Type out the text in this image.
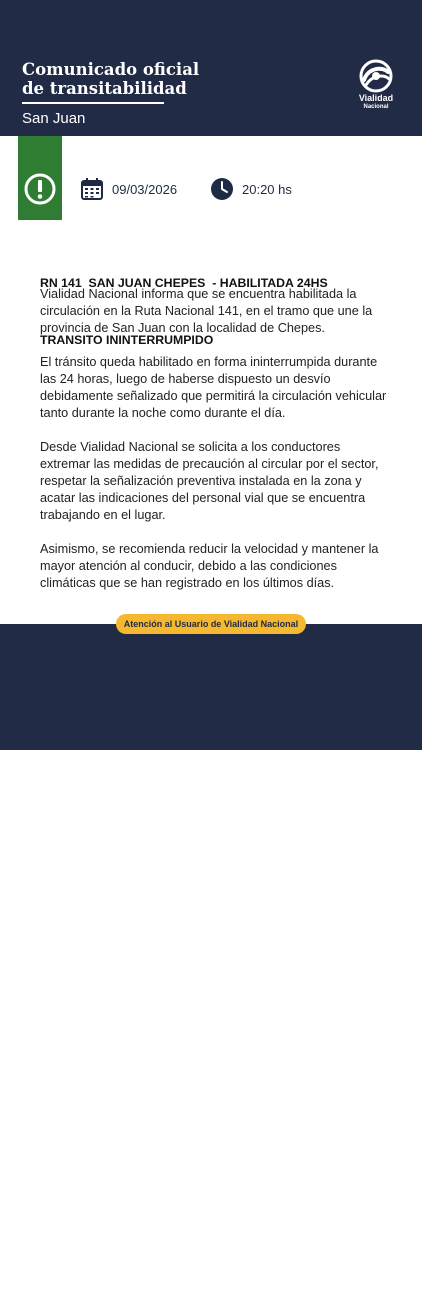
Comunicado oficial
de transitabilidad
San Juan
Vialidad
Nacional
09/03/2026	20:20 hs

RN 141  SAN JUAN CHEPES  - HABILITADA 24HS

TRANSITO ININTERRUMPIDO

Vialidad Nacional informa que se encuentra habilitada la circulación en la Ruta Nacional 141, en el tramo que une la provincia de San Juan con la localidad de Chepes.

El tránsito queda habilitado en forma ininterrumpida durante las 24 horas, luego de haberse dispuesto un desvío debidamente señalizado que permitirá la circulación vehicular tanto durante la noche como durante el día.

Desde Vialidad Nacional se solicita a los conductores extremar las medidas de precaución al circular por el sector, respetar la señalización preventiva instalada en la zona y acatar las indicaciones del personal vial que se encuentra trabajando en el lugar.

Asimismo, se recomienda reducir la velocidad y mantener la mayor atención al conducir, debido a las condiciones climáticas que se han registrado en los últimos días.

0800-222-6272
0800-333-0073
Lunes a viernes
de 09:00 a 17:00 hs.
atencionalusuario@vialidad.gob.ar
Consultá el estado de rutas en: www.argentina.gob.ar/rutasnacionales
Atención al Usuario de Vialidad Nacional
